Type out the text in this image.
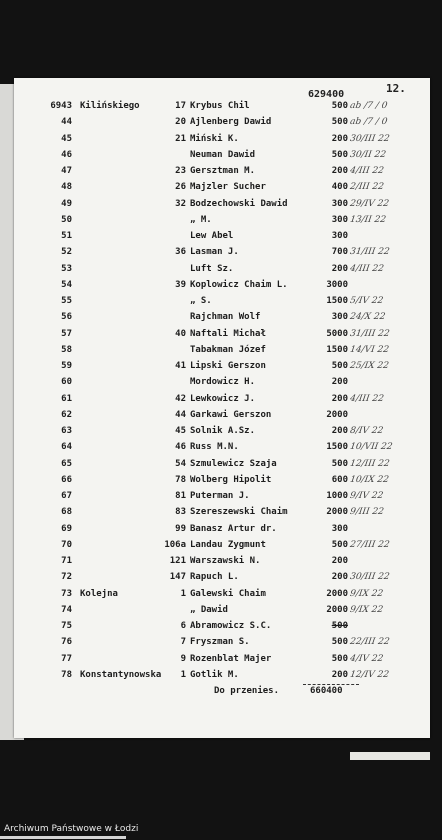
629400	12.
6943 Kilińskiego	17 Krybus Chil	500 ab /7 / 0
44	20 Ajlenberg Dawid	500 ab /7 / 0
45	21 Miński K.	200 30/III 22
46	Neuman Dawid	500 30/II 22
47	23 Gersztman M.	200 4/III 22
48	26 Majzler Sucher	400 2/III 22
49	32 Bodzechowski Dawid	300 29/IV 22
50	„ M.	300 13/II 22
51	Lew Abel	300
52	36 Lasman J.	700 31/III 22
53	Luft Sz.	200 4/III 22
54	39 Koplowicz Chaim L.	3000
55	„ S.	1500 5/IV 22
56	Rajchman Wolf	300 24/X 22
57	40 Naftali Michał	5000 31/III 22
58	Tabakman Józef	1500 14/VI 22
59	41 Lipski Gerszon	500 25/IX 22
60	Mordowicz H.	200
61	42 Lewkowicz J.	200 4/III 22
62	44 Garkawi Gerszon	2000
63	45 Solnik A.Sz.	200 8/IV 22
64	46 Russ M.N.	1500 10/VII 22
65	54 Szmulewicz Szaja	500 12/III 22
66	78 Wolberg Hipolit	600 10/IX 22
67	81 Puterman J.	1000 9/IV 22
68	83 Szereszewski Chaim	2000 9/III 22
69	99 Banasz Artur dr.	300
70	106a Landau Zygmunt	500 27/III 22
71	121 Warszawski N.	200
72	147 Rapuch L.	200 30/III 22
73 Kolejna	1 Galewski Chaim	2000 9/IX 22
74	„ Dawid	2000 9/IX 22
75	6 Abramowicz S.C.	500
76	7 Fryszman S.	500 22/III 22
77	9 Rozenblat Majer	500 4/IV 22
78 Konstantynowska	1 Gotlik M.	200 12/IV 22
Do przenies.	660400
Archiwum Państwowe w Łodzi
